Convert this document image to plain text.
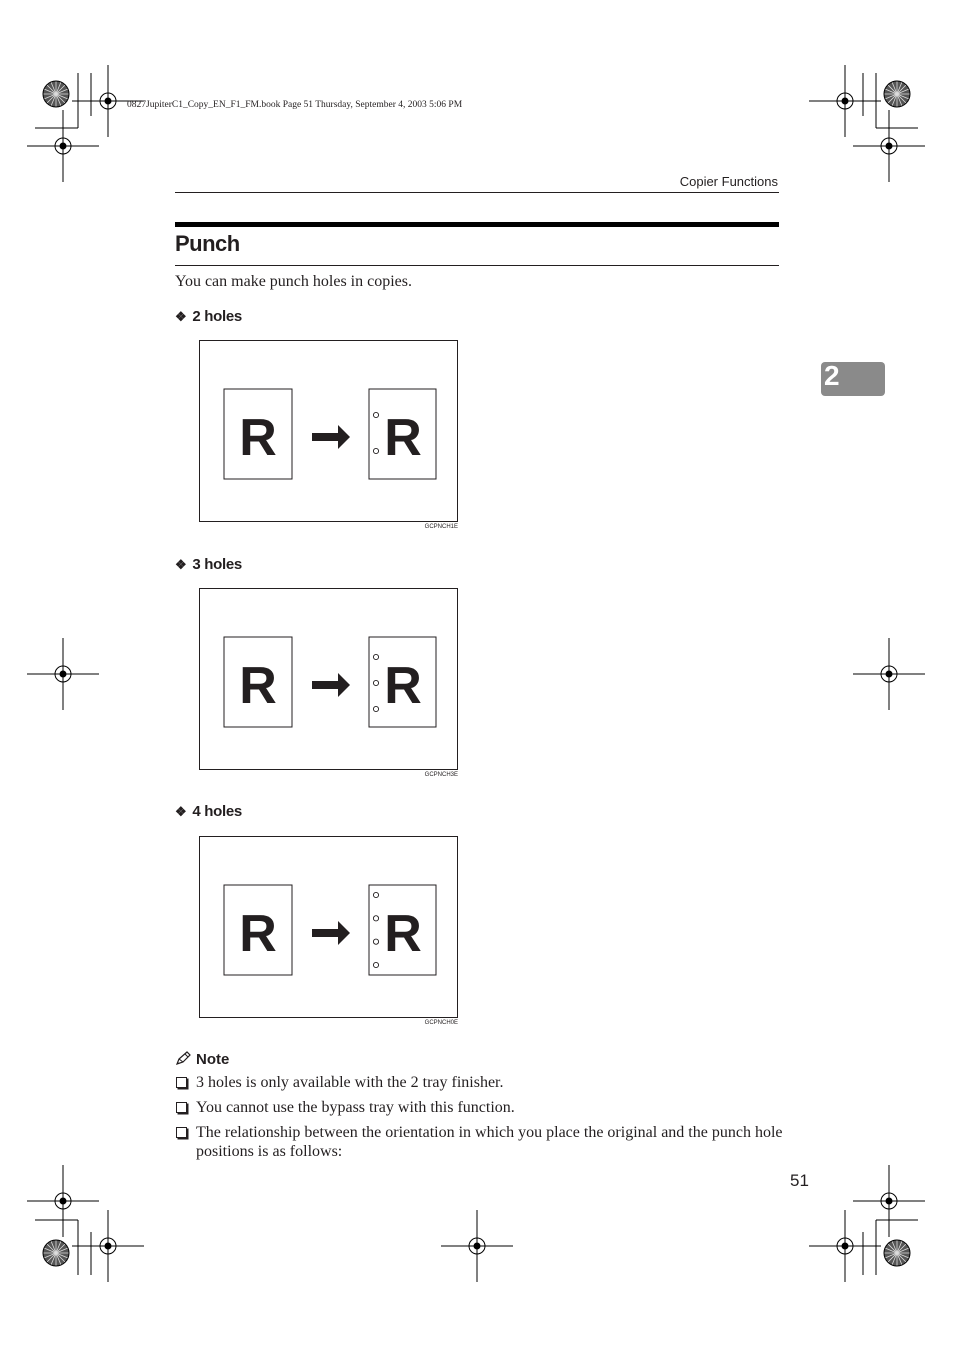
0827JupiterC1_Copy_EN_F1_FM.book Page 51 Thursday, September 4, 2003 5:06 PM
Copier Functions
2
Punch
You can make punch holes in copies.
❖ 2 holes
R R
GCPNCH1E
❖ 3 holes
R R
GCPNCH3E
❖ 4 holes
R R
GCPNCH0E
Note
3 holes is only available with the 2 tray finisher.
You cannot use the bypass tray with this function.
The relationship between the orientation in which you place the original and the punch hole positions is as follows:
51
